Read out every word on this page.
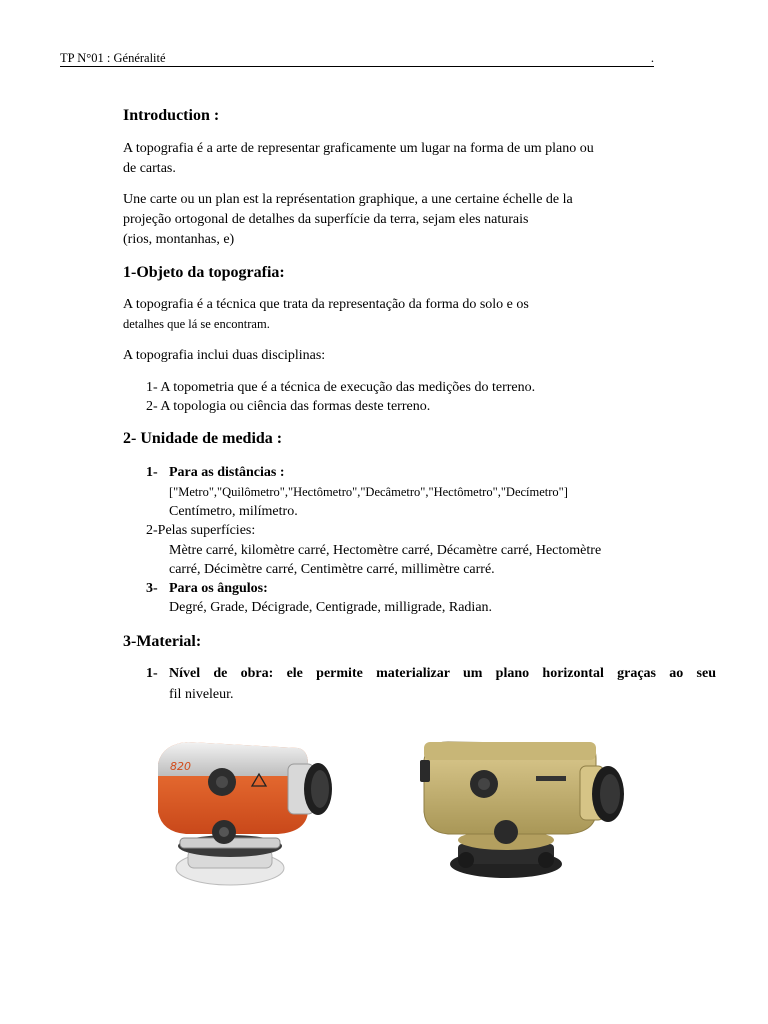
TP N°01 : Généralité	.
Introduction :
A topografia é a arte de representar graficamente um lugar na forma de um plano ou
de cartas.
Une carte ou un plan est la représentation graphique, a une certaine échelle de la
projeção ortogonal de detalhes da superfície da terra, sejam eles naturais
(rios, montanhas, e)
1-Objeto da topografia:
A topografia é a técnica que trata da representação da forma do solo e os
detalhes que lá se encontram.
A topografia inclui duas disciplinas:
1- A topometria que é a técnica de execução das medições do terreno.
2- A topologia ou ciência das formas deste terreno.
2- Unidade de medida :
1- Para as distâncias :
["Metro","Quilômetro","Hectômetro","Decâmetro","Hectômetro","Decímetro"]
Centímetro, milímetro.
2-Pelas superfícies:
Mètre carré, kilomètre carré, Hectomètre carré, Décamètre carré, Hectomètre
carré, Décimètre carré, Centimètre carré, millimètre carré.
3- Para os ângulos:
Degré, Grade, Décigrade, Centigrade, milligrade, Radian.
3-Material:
1- Nível de obra: ele permite materializar um plano horizontal graças ao seu
fil niveleur.
820
